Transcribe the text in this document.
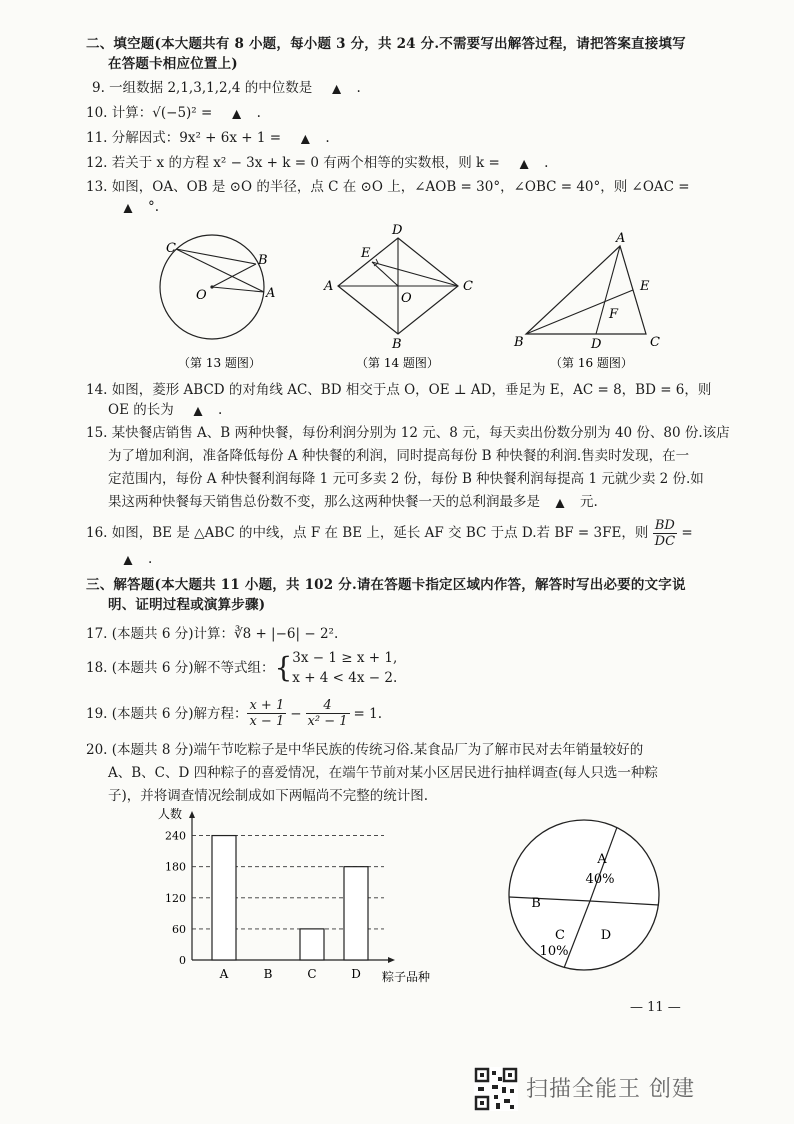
二、填空题(本大题共有 8 小题，每小题 3 分，共 24 分.不需要写出解答过程，请把答案直接填写
在答题卡相应位置上)
9. 一组数据 2,1,3,1,2,4 的中位数是 ▲ .
10. 计算：√(−5)² = ▲ .
11. 分解因式：9x² + 6x + 1 = ▲ .
12. 若关于 x 的方程 x² − 3x + k = 0 有两个相等的实数根，则 k = ▲ .
13. 如图，OA、OB 是 ⊙O 的半径，点 C 在 ⊙O 上，∠AOB = 30°，∠OBC = 40°，则 ∠OAC =
▲ °.
C
B
O	A
D
E
A
O
C
B
A
E
F
B	D	C
（第 13 题图）	（第 14 题图）	（第 16 题图）
14. 如图，菱形 ABCD 的对角线 AC、BD 相交于点 O，OE ⊥ AD，垂足为 E，AC = 8，BD = 6，则
OE 的长为 ▲ .
15. 某快餐店销售 A、B 两种快餐，每份利润分别为 12 元、8 元，每天卖出份数分别为 40 份、80 份.该店
为了增加利润，准备降低每份 A 种快餐的利润，同时提高每份 B 种快餐的利润.售卖时发现，在一
定范围内，每份 A 种快餐利润每降 1 元可多卖 2 份，每份 B 种快餐利润每提高 1 元就少卖 2 份.如
果这两种快餐每天销售总份数不变，那么这两种快餐一天的总利润最多是 ▲ 元.
16. 如图，BE 是 △ABC 的中线，点 F 在 BE 上，延长 AF 交 BC 于点 D.若 BF = 3FE，则 $\frac{BD}{DC}$ =
▲ .
三、解答题(本大题共 11 小题，共 102 分.请在答题卡指定区域内作答，解答时写出必要的文字说
明、证明过程或演算步骤)
17. (本题共 6 分)计算：∛8 + |−6| − 2².
18. (本题共 6 分)解不等式组： { 3x − 1 ≥ x + 1,
x + 4 < 4x − 2.
19. (本题共 6 分)解方程： $\frac{x + 1}{x - 1} - \frac{4}{\text{x² − 1}} = 1$.
20. (本题共 8 分)端午节吃粽子是中华民族的传统习俗.某食品厂为了解市民对去年销量较好的
A、B、C、D 四种粽子的喜爱情况，在端午节前对某小区居民进行抽样调查(每人只选一种粽
子)，并将调查情况绘制成如下两幅尚不完整的统计图.
人数
粽子品种
0
60
120
180
240
A	B	C	D
A
40%
B
C
10%
D
— 11 —
扫描全能王 创建
